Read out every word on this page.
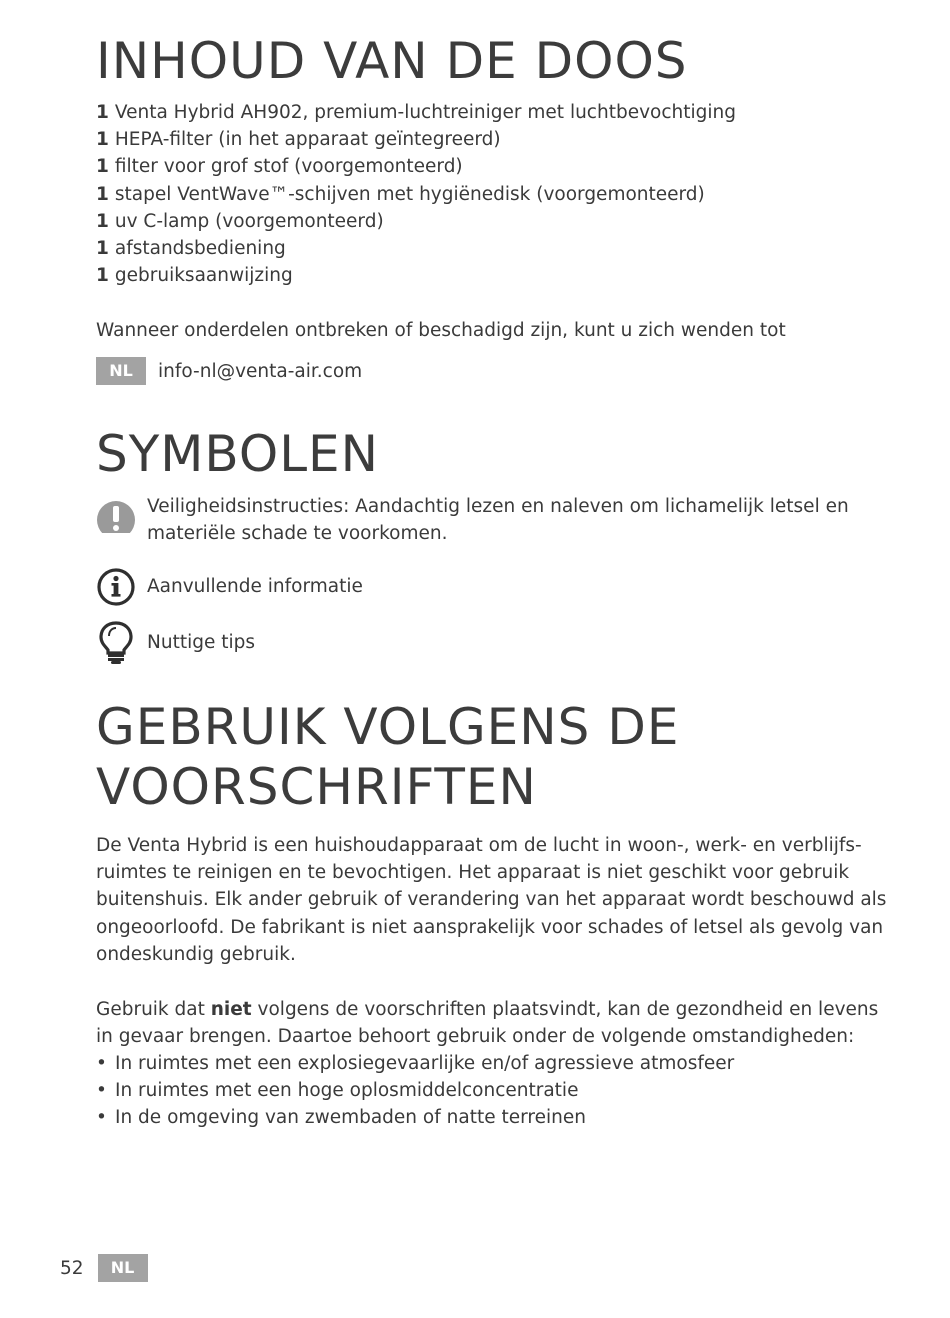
INHOUD VAN DE DOOS
1 Venta Hybrid AH902, premium-luchtreiniger met luchtbevochtiging
1 HEPA-filter (in het apparaat geïntegreerd)
1 filter voor grof stof (voorgemonteerd)
1 stapel VentWave™-schijven met hygiënedisk (voorgemonteerd)
1 uv C-lamp (voorgemonteerd)
1 afstandsbediening
1 gebruiksaanwijzing

Wanneer onderdelen ontbreken of beschadigd zijn, kunt u zich wenden tot

NL	info-nl@venta-air.com
SYMBOLEN
Veiligheidsinstructies: Aandachtig lezen en naleven om lichamelijk letsel en
materiële schade te voorkomen.
Aanvullende informatie
Nuttige tips
GEBRUIK VOLGENS DE
VOORSCHRIFTEN
De Venta Hybrid is een huishoudapparaat om de lucht in woon-, werk- en verblijfs-
ruimtes te reinigen en te bevochtigen. Het apparaat is niet geschikt voor gebruik
buitenshuis. Elk ander gebruik of verandering van het apparaat wordt beschouwd als
ongeoorloofd. De fabrikant is niet aansprakelijk voor schades of letsel als gevolg van
ondeskundig gebruik.
Gebruik dat niet volgens de voorschriften plaatsvindt, kan de gezondheid en levens
in gevaar brengen. Daartoe behoort gebruik onder de volgende omstandigheden:
• In ruimtes met een explosiegevaarlijke en/of agressieve atmosfeer
• In ruimtes met een hoge oplosmiddelconcentratie
• In de omgeving van zwembaden of natte terreinen
52	NL
